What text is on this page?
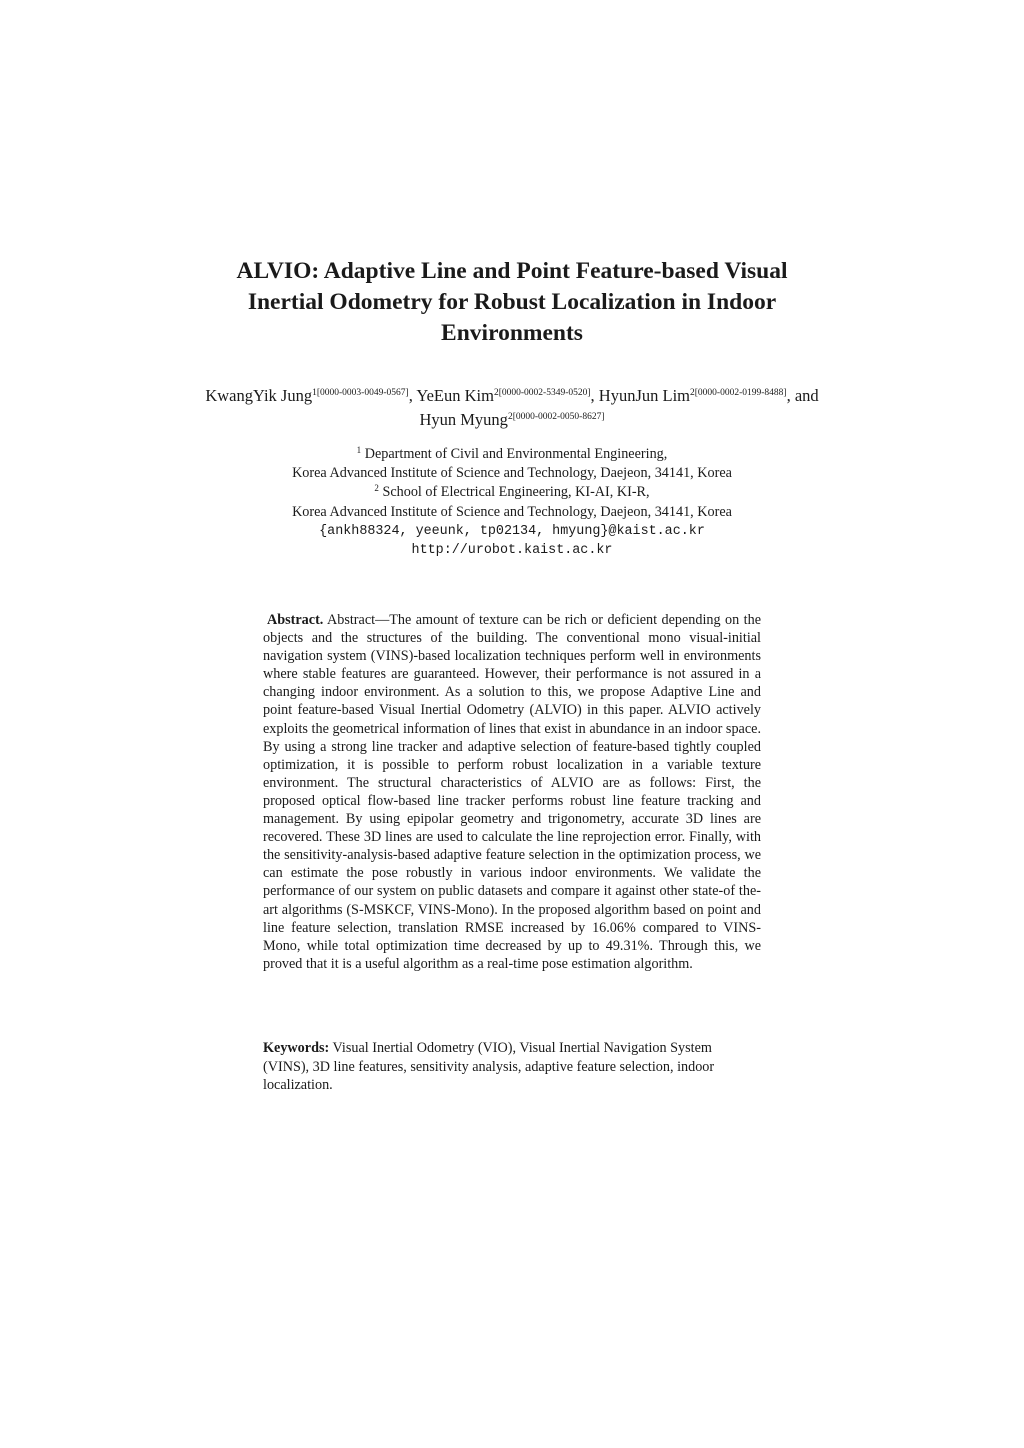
ALVIO: Adaptive Line and Point Feature-based Visual Inertial Odometry for Robust Localization in Indoor Environments
KwangYik Jung$^{1[0000-0003-0049-0567]}$, YeEun Kim$^{2[0000-0002-5349-0520]}$, HyunJun Lim$^{2[0000-0002-0199-8488]}$, and Hyun Myung$^{2[0000-0002-0050-8627]}$
$^1$ Department of Civil and Environmental Engineering,
Korea Advanced Institute of Science and Technology, Daejeon, 34141, Korea
$^2$ School of Electrical Engineering, KI-AI, KI-R,
Korea Advanced Institute of Science and Technology, Daejeon, 34141, Korea
{ankh88324, yeeunk, tp02134, hmyung}@kaist.ac.kr
http://urobot.kaist.ac.kr
Abstract. Abstract—The amount of texture can be rich or deficient depending on the objects and the structures of the building. The conventional mono visual-initial navigation system (VINS)-based localization techniques perform well in environments where stable features are guaranteed. However, their performance is not assured in a changing indoor environment. As a solution to this, we propose Adaptive Line and point feature-based Visual Inertial Odometry (ALVIO) in this paper. ALVIO actively exploits the geometrical information of lines that exist in abundance in an indoor space. By using a strong line tracker and adaptive selection of feature-based tightly coupled optimization, it is possible to perform robust localization in a variable texture environment. The structural characteristics of ALVIO are as follows: First, the proposed optical flow-based line tracker performs robust line feature tracking and management. By using epipolar geometry and trigonometry, accurate 3D lines are recovered. These 3D lines are used to calculate the line reprojection error. Finally, with the sensitivity-analysis-based adaptive feature selection in the optimization process, we can estimate the pose robustly in various indoor environments. We validate the performance of our system on public datasets and compare it against other state-of the-art algorithms (S-MSKCF, VINS-Mono). In the proposed algorithm based on point and line feature selection, translation RMSE increased by 16.06% compared to VINS-Mono, while total optimization time decreased by up to 49.31%. Through this, we proved that it is a useful algorithm as a real-time pose estimation algorithm.
Keywords: Visual Inertial Odometry (VIO), Visual Inertial Navigation System (VINS), 3D line features, sensitivity analysis, adaptive feature selection, indoor localization.
